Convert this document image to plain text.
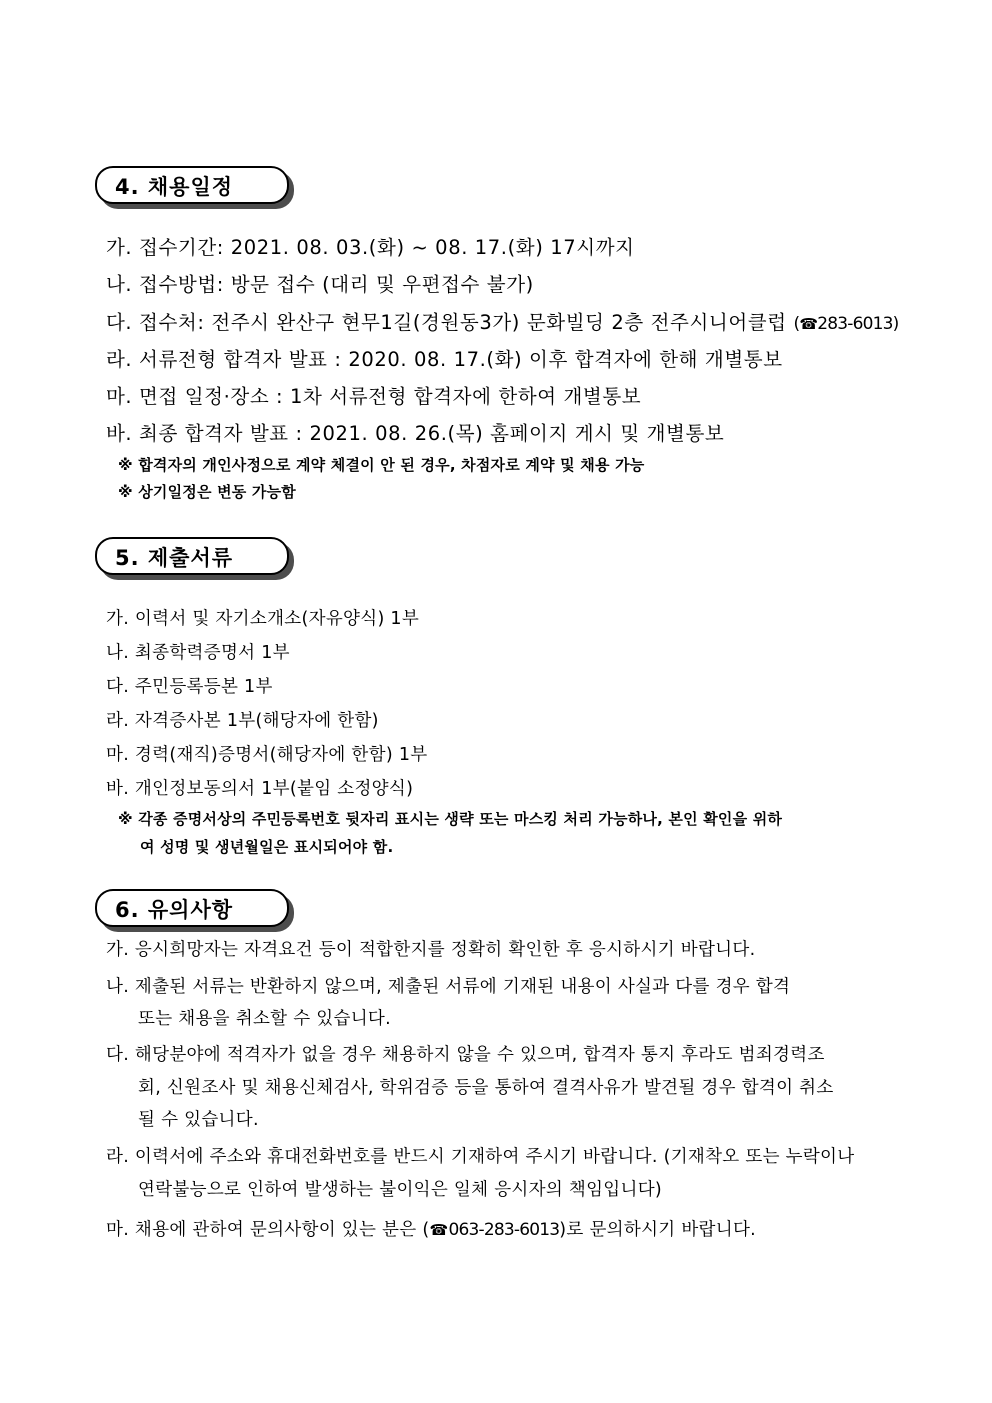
4. 채용일정
가. 접수기간: 2021. 08. 03.(화) ~ 08. 17.(화) 17시까지
나. 접수방법: 방문 접수 (대리 및 우편접수 불가)
다. 접수처: 전주시 완산구 현무1길(경원동3가) 문화빌딩 2층 전주시니어클럽 (☎283-6013)
라. 서류전형 합격자 발표 : 2020. 08. 17.(화) 이후 합격자에 한해 개별통보
마. 면접 일정·장소 : 1차 서류전형 합격자에 한하여 개별통보
바. 최종 합격자 발표 : 2021. 08. 26.(목) 홈페이지 게시 및 개별통보
※ 합격자의 개인사정으로 계약 체결이 안 된 경우, 차점자로 계약 및 채용 가능
※ 상기일정은 변동 가능함
5. 제출서류
가. 이력서 및 자기소개소(자유양식) 1부
나. 최종학력증명서 1부
다. 주민등록등본 1부
라. 자격증사본 1부(해당자에 한함)
마. 경력(재직)증명서(해당자에 한함) 1부
바. 개인정보동의서 1부(붙임 소정양식)
※ 각종 증명서상의 주민등록번호 뒷자리 표시는 생략 또는 마스킹 처리 가능하나, 본인 확인을 위하
여 성명 및 생년월일은 표시되어야 함.
6. 유의사항
가. 응시희망자는 자격요건 등이 적합한지를 정확히 확인한 후 응시하시기 바랍니다.
나. 제출된 서류는 반환하지 않으며, 제출된 서류에 기재된 내용이 사실과 다를 경우 합격
또는 채용을 취소할 수 있습니다.
다. 해당분야에 적격자가 없을 경우 채용하지 않을 수 있으며, 합격자 통지 후라도 범죄경력조
회, 신원조사 및 채용신체검사, 학위검증 등을 통하여 결격사유가 발견될 경우 합격이 취소
될 수 있습니다.
라. 이력서에 주소와 휴대전화번호를 반드시 기재하여 주시기 바랍니다. (기재착오 또는 누락이나
연락불능으로 인하여 발생하는 불이익은 일체 응시자의 책임입니다)
마. 채용에 관하여 문의사항이 있는 분은 (☎063-283-6013)로 문의하시기 바랍니다.
